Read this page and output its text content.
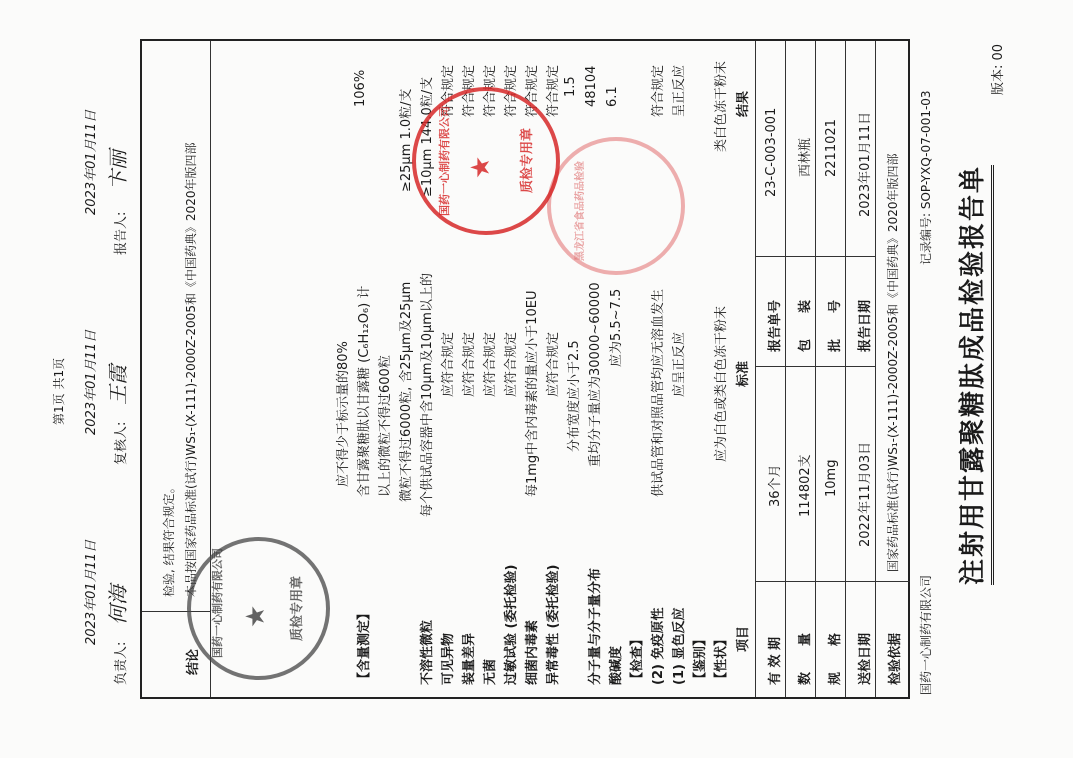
版本: 00
注射用甘露聚糖肽成品检验报告单
国药一心制药有限公司
记录编号: SOP-YXQ-07-001-03
检验依据
国家药品标准(试行)WS₁-(X-111)-2000Z-2005和《中国药典》2020年版四部
送检日期
2022年11月03日
报告日期
2023年01月11日
规　　格
10mg
批　　号
2211021
数　　量
114802支
包　　装
西林瓶
有 效 期
36个月
报告单号
23-C-003-001
项目
标准
结果
【性状】
应为白色或类白色冻干粉末
类白色冻干粉末
【鉴别】
(1) 显色反应
应呈正反应
呈正反应
(2) 免疫原性
供试品管和对照品管均应无溶血发生
符合规定
【检查】
酸碱度
应为5.5~7.5
6.1
分子量与分子量分布
重均分子量应为30000~60000
分布宽度应小于2.5
48104
1.5
异常毒性 (委托检验)
应符合规定
符合规定
细菌内毒素
每1mg中含内毒素的量应小于10EU
符合规定
过敏试验 (委托检验)
应符合规定
符合规定
无菌
应符合规定
符合规定
装量差异
应符合规定
符合规定
可见异物
应符合规定
符合规定
不溶性微粒
每个供试品容器中含10μm及10μm以上的
微粒不得过6000粒, 含25μm及25μm
以上的微粒不得过600粒
≥10μm 144.0粒/支
≥25μm 1.0粒/支
【含量测定】
含甘露聚糖肽以甘露糖 (C₆H₁₂O₆) 计
应不得少于标示量的80%
106%
结论
本品按国家药品标准(试行)WS₁-(X-111)-2000Z-2005和《中国药典》2020年版四部
检验, 结果符合规定。
负责人:
何海
2023年01月11日
复核人:
王霞
2023年01月11日
报告人:
卞丽
2023年01月11日
第1页 共1页
国药一心制药有限公司 ★	质检专用章
黑龙江省食品药品检验
国药一心制药有限公司 ★	质检专用章
